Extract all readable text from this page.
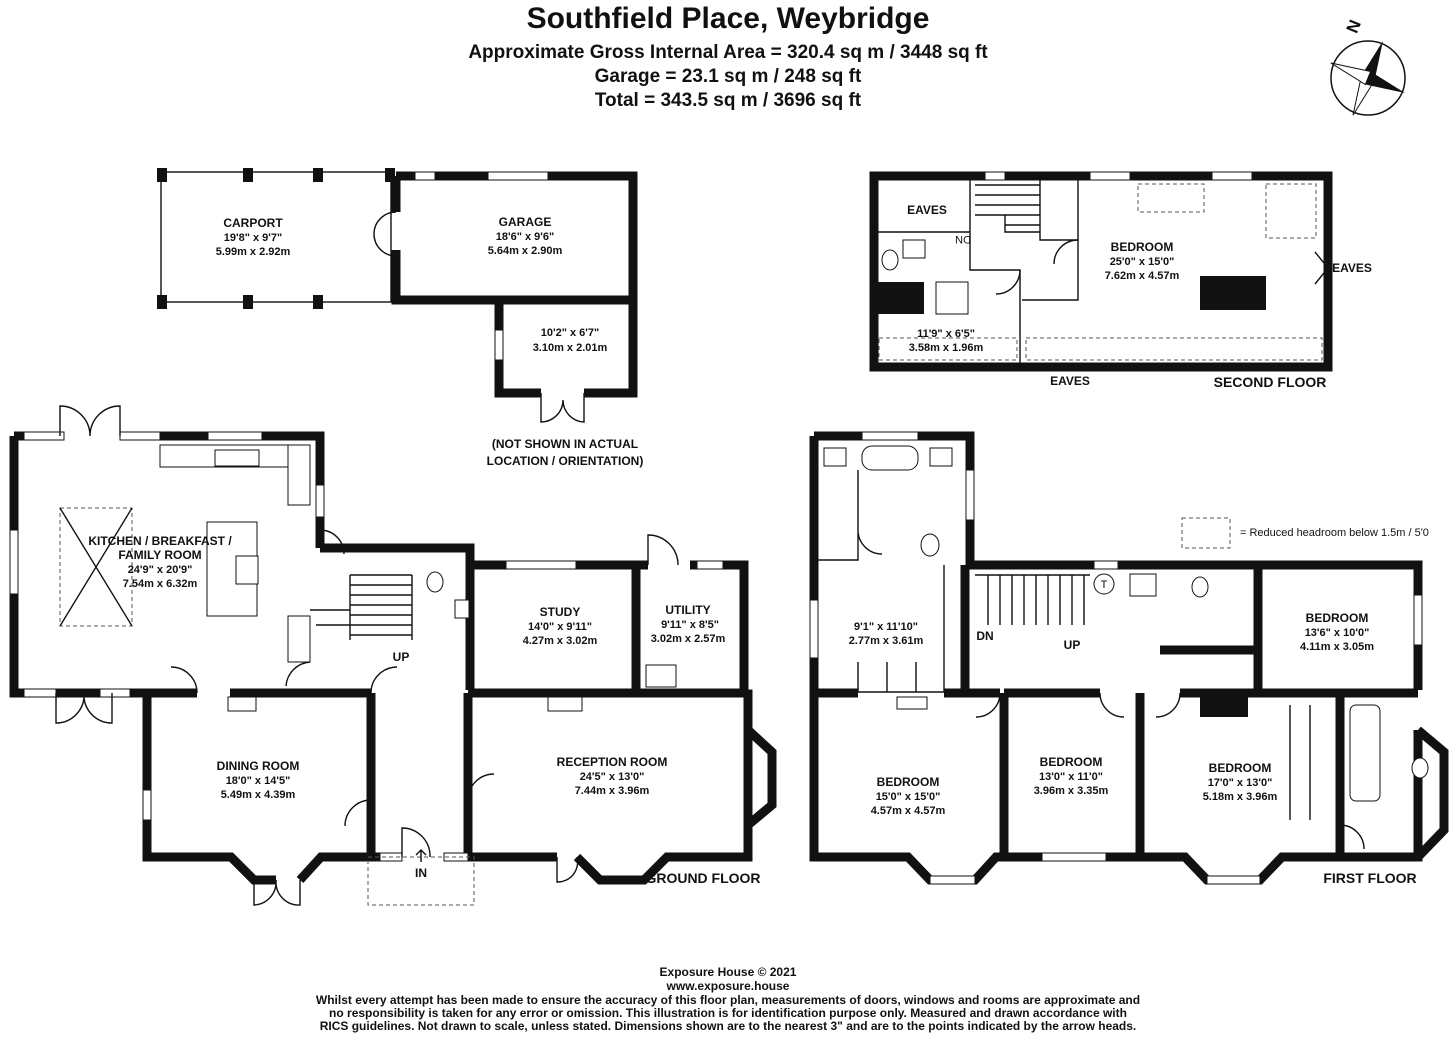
Southfield Place, Weybridge
Approximate Gross Internal Area = 320.4 sq m / 3448 sq ft
Garage = 23.1 sq m / 248 sq ft
Total = 343.5 sq m / 3696 sq ft
N
CARPORT
19'8" x 9'7"
5.99m x 2.92m
GARAGE
18'6" x 9'6"
5.64m x 2.90m
10'2" x 6'7"
3.10m x 2.01m
(NOT SHOWN IN ACTUAL
LOCATION / ORIENTATION)
EAVES
EAVES
EAVES
DN
BEDROOM
25'0" x 15'0"
7.62m x 4.57m
11'9" x 6'5"
3.58m x 1.96m
SECOND FLOOR
KITCHEN / BREAKFAST /
FAMILY ROOM
24'9" x 20'9"
7.54m x 6.32m
STUDY
14'0" x 9'11"
4.27m x 3.02m
UTILITY
9'11" x 8'5"
3.02m x 2.57m
DINING ROOM
18'0" x 14'5"
5.49m x 4.39m
RECEPTION ROOM
24'5" x 13'0"
7.44m x 3.96m
UP
IN	GROUND FLOOR
= Reduced headroom below 1.5m / 5'0
9'1" x 11'10"
2.77m x 3.61m
BEDROOM
15'0" x 15'0"
4.57m x 4.57m
BEDROOM
13'0" x 11'0"
3.96m x 3.35m
BEDROOM
17'0" x 13'0"
5.18m x 3.96m
BEDROOM
13'6" x 10'0"
4.11m x 3.05m
DN
UP
T
FIRST FLOOR
Exposure House © 2021
www.exposure.house
Whilst every attempt has been made to ensure the accuracy of this floor plan, measurements of doors, windows and rooms are approximate and
no responsibility is taken for any error or omission. This illustration is for identification purpose only. Measured and drawn accordance with
RICS guidelines. Not drawn to scale, unless stated. Dimensions shown are to the nearest 3" and are to the points indicated by the arrow heads.
